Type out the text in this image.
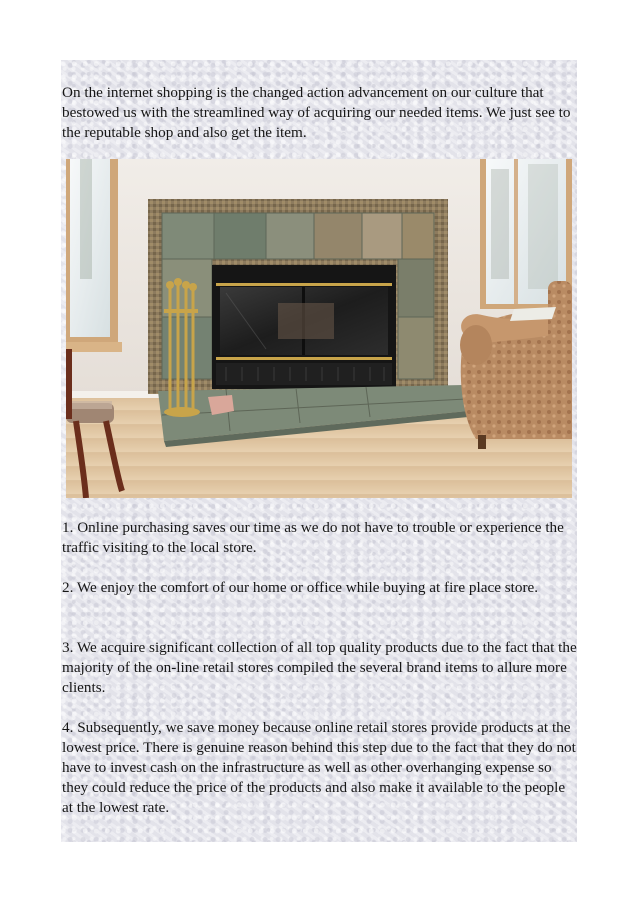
On the internet shopping is the changed action advancement on our culture that bestowed us with the streamlined way of acquiring our needed items. We just see to the reputable shop and also get the item.

1. Online purchasing saves our time as we do not have to trouble or experience the traffic visiting to the local store.

2. We enjoy the comfort of our home or office while buying at fire place store.

3. We acquire significant collection of all top quality products due to the fact that the majority of the on-line retail stores compiled the several brand items to allure more clients.

4. Subsequently, we save money because online retail stores provide products at the lowest price. There is genuine reason behind this step due to the fact that they do not have to invest cash on the infrastructure as well as other overhanging expense so they could reduce the price of the products and also make it available to the people at the lowest rate.
